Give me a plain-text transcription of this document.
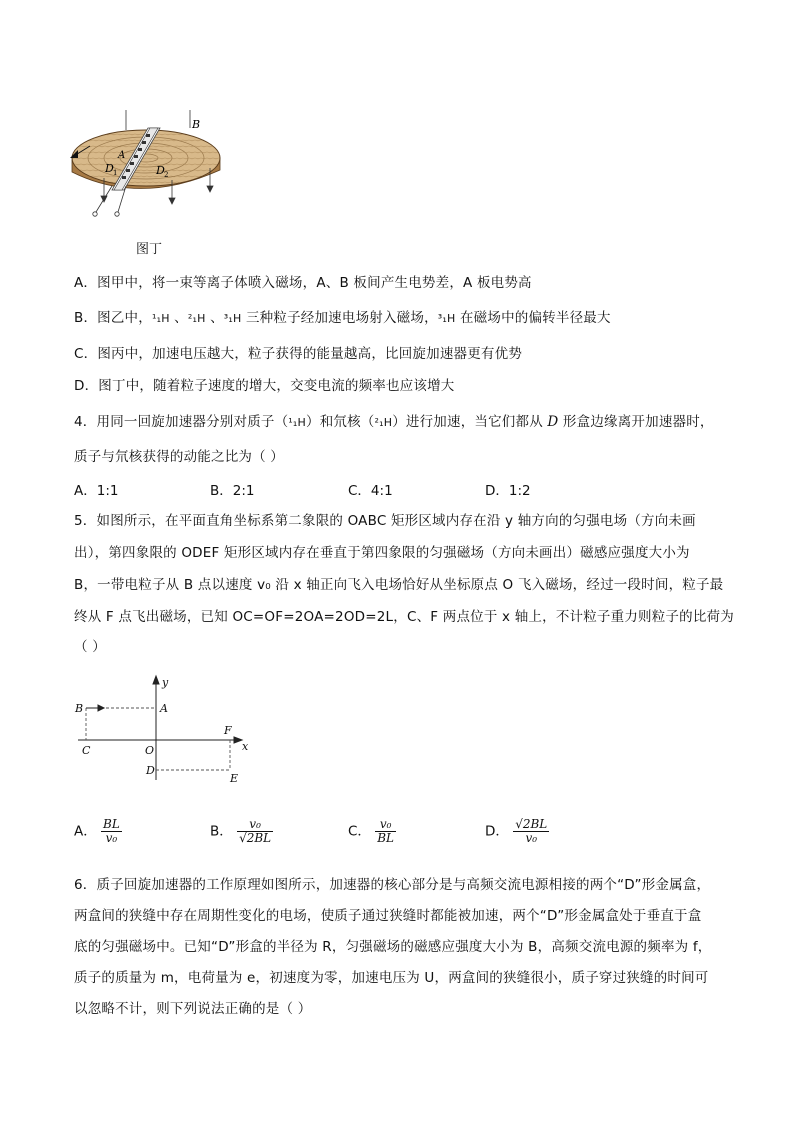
B
A
D 1	D 2
图丁
A．图甲中，将一束等离子体喷入磁场，A、B 板间产生电势差，A 板电势高
B．图乙中，¹₁H 、²₁H 、³₁H 三种粒子经加速电场射入磁场，³₁H 在磁场中的偏转半径最大
C．图丙中，加速电压越大，粒子获得的能量越高，比回旋加速器更有优势
D．图丁中，随着粒子速度的增大，交变电流的频率也应该增大
4．用同一回旋加速器分别对质子（¹₁H）和氘核（²₁H）进行加速，当它们都从 D 形盒边缘离开加速器时，
质子与氘核获得的动能之比为（ ）
A．1:1	B．2:1	C．4:1	D．1:2
5．如图所示，在平面直角坐标系第二象限的 OABC 矩形区域内存在沿 y 轴方向的匀强电场（方向未画
出），第四象限的 ODEF 矩形区域内存在垂直于第四象限的匀强磁场（方向未画出）磁感应强度大小为
B，一带电粒子从 B 点以速度 v₀ 沿 x 轴正向飞入电场恰好从坐标原点 O 飞入磁场，经过一段时间，粒子最
终从 F 点飞出磁场，已知 OC=OF=2OA=2OD=2L，C、F 两点位于 x 轴上，不计粒子重力则粒子的比荷为
（ ）
y
x
B	A
C	O
F
D
E
A． $\frac{BL}{\text{v₀}}$	B． $\frac{\text{v₀}}{√2BL}$	C． $\frac{\text{v₀}}{BL}$	D． $\frac{√2BL}{\text{v₀}}$
6．质子回旋加速器的工作原理如图所示，加速器的核心部分是与高频交流电源相接的两个“D”形金属盒，
两盒间的狭缝中存在周期性变化的电场，使质子通过狭缝时都能被加速，两个“D”形金属盒处于垂直于盒
底的匀强磁场中。已知“D”形盒的半径为 R，匀强磁场的磁感应强度大小为 B，高频交流电源的频率为 f，
质子的质量为 m，电荷量为 e，初速度为零，加速电压为 U，两盒间的狭缝很小，质子穿过狭缝的时间可
以忽略不计，则下列说法正确的是（ ）
